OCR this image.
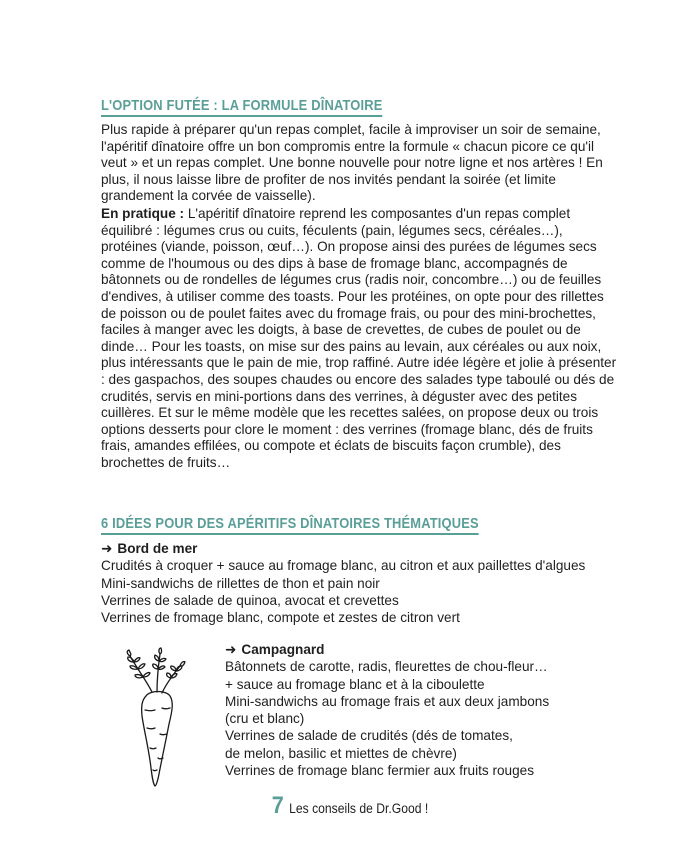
L'OPTION FUTÉE : LA FORMULE DÎNATOIRE

Plus rapide à préparer qu'un repas complet, facile à improviser un soir de semaine, l'apéritif dînatoire offre un bon compromis entre la formule « chacun picore ce qu'il veut » et un repas complet. Une bonne nouvelle pour notre ligne et nos artères ! En plus, il nous laisse libre de profiter de nos invités pendant la soirée (et limite grandement la corvée de vaisselle).

En pratique : L'apéritif dînatoire reprend les composantes d'un repas complet équilibré : légumes crus ou cuits, féculents (pain, légumes secs, céréales…), protéines (viande, poisson, œuf…). On propose ainsi des purées de légumes secs comme de l'houmous ou des dips à base de fromage blanc, accompagnés de bâtonnets ou de rondelles de légumes crus (radis noir, concombre…) ou de feuilles d'endives, à utiliser comme des toasts. Pour les protéines, on opte pour des rillettes de poisson ou de poulet faites avec du fromage frais, ou pour des mini-brochettes, faciles à manger avec les doigts, à base de crevettes, de cubes de poulet ou de dinde… Pour les toasts, on mise sur des pains au levain, aux céréales ou aux noix, plus intéressants que le pain de mie, trop raffiné. Autre idée légère et jolie à présenter : des gaspachos, des soupes chaudes ou encore des salades type taboulé ou dés de crudités, servis en mini-portions dans des verrines, à déguster avec des petites cuillères. Et sur le même modèle que les recettes salées, on propose deux ou trois options desserts pour clore le moment : des verrines (fromage blanc, dés de fruits frais, amandes effilées, ou compote et éclats de biscuits façon crumble), des brochettes de fruits…

6 IDÉES POUR DES APÉRITIFS DÎNATOIRES THÉMATIQUES
➜ Bord de mer
Crudités à croquer + sauce au fromage blanc, au citron et aux paillettes d'algues
Mini-sandwichs de rillettes de thon et pain noir
Verrines de salade de quinoa, avocat et crevettes
Verrines de fromage blanc, compote et zestes de citron vert
➜ Campagnard
Bâtonnets de carotte, radis, fleurettes de chou-fleur…
+ sauce au fromage blanc et à la ciboulette
Mini-sandwichs au fromage frais et aux deux jambons
(cru et blanc)
Verrines de salade de crudités (dés de tomates,
de melon, basilic et miettes de chèvre)
Verrines de fromage blanc fermier aux fruits rouges
7 Les conseils de Dr.Good !
